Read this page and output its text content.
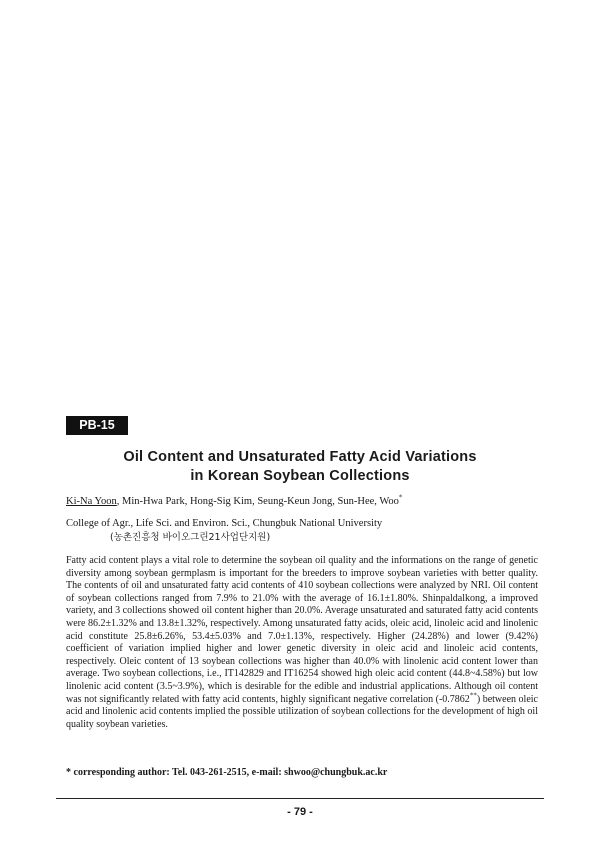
PB-15
Oil Content and Unsaturated Fatty Acid Variations
in Korean Soybean Collections
Ki-Na Yoon, Min-Hwa Park, Hong-Sig Kim, Seung-Keun Jong, Sun-Hee, Woo*
College of Agr., Life Sci. and Environ. Sci., Chungbuk National University
(농촌진흥청 바이오그린21사업단지원)

Fatty acid content plays a vital role to determine the soybean oil quality and the informations on the range of genetic diversity among soybean germplasm is important for the breeders to improve soybean varieties with better quality. The contents of oil and unsaturated fatty acid contents of 410 soybean collections were analyzed by NRI. Oil content of soybean collections ranged from 7.9% to 21.0% with the average of 16.1±1.80%. Shinpaldalkong, a improved variety, and 3 collections showed oil content higher than 20.0%. Average unsaturated and saturated fatty acid contents were 86.2±1.32% and 13.8±1.32%, respectively. Among unsaturated fatty acids, oleic acid, linoleic acid and linolenic acid constitute 25.8±6.26%, 53.4±5.03% and 7.0±1.13%, respectively. Higher (24.28%) and lower (9.42%) coefficient of variation implied higher and lower genetic diversity in oleic acid and linoleic acid contents, respectively. Oleic content of 13 soybean collections was higher than 40.0% with linolenic acid content lower than average. Two soybean collections, i.e., IT142829 and IT16254 showed high oleic acid content (44.8~4.58%) but low linolenic acid content (3.5~3.9%), which is desirable for the edible and industrial applications. Although oil content was not significantly related with fatty acid contents, highly significant negative correlation (-0.7862**) between oleic acid and linolenic acid contents implied the possible utilization of soybean collections for the development of high oil quality soybean varieties.

* corresponding author: Tel. 043-261-2515, e-mail: shwoo@chungbuk.ac.kr
- 79 -
